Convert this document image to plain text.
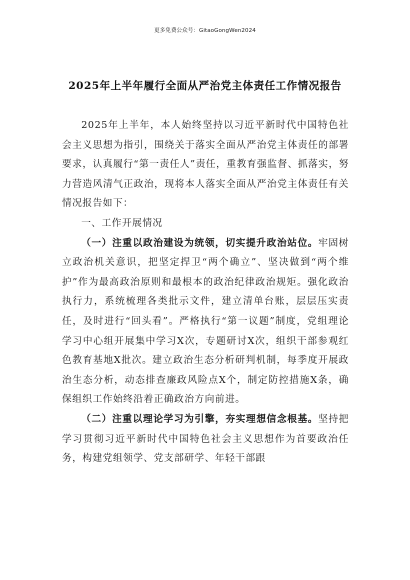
更多免费公众号：GitaoGongWen2024
2025年上半年履行全面从严治党主体责任工作情况报告

2025年上半年，本人始终坚持以习近平新时代中国特色社会主义思想为指引，围绕关于落实全面从严治党主体责任的部署要求，认真履行“第一责任人”责任，重教育强监督、抓落实，努力营造风清气正政治，现将本人落实全面从严治党主体责任有关情况报告如下：

一、工作开展情况

（一）注重以政治建设为统领，切实提升政治站位。牢固树立政治机关意识，把坚定捍卫“两个确立”、坚决做到“两个维护”作为最高政治原则和最根本的政治纪律政治规矩。强化政治执行力，系统梳理各类批示文件，建立清单台账，层层压实责任，及时进行“回头看”。严格执行“第一议题”制度，党组理论学习中心组开展集中学习X次，专题研讨X次，组织干部参观红色教育基地X批次。建立政治生态分析研判机制，每季度开展政治生态分析，动态排查廉政风险点X个，制定防控措施X条，确保组织工作始终沿着正确政治方向前进。

（二）注重以理论学习为引擎，夯实理想信念根基。坚持把学习贯彻习近平新时代中国特色社会主义思想作为首要政治任务，构建党组领学、党支部研学、年轻干部跟
